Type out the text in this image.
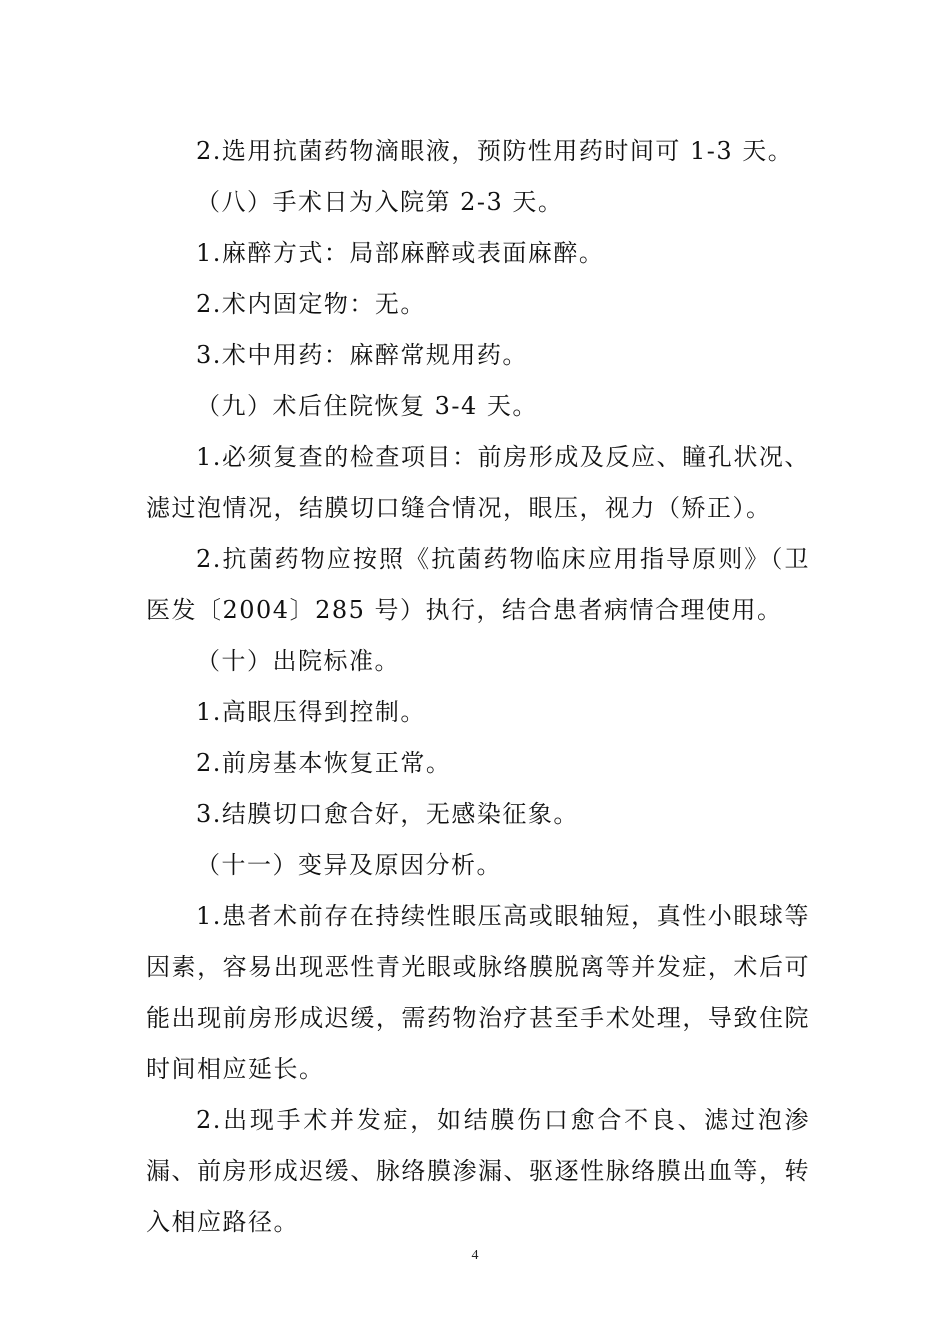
2.选用抗菌药物滴眼液，预防性用药时间可 1-3 天。

（八）手术日为入院第 2-3 天。

1.麻醉方式：局部麻醉或表面麻醉。

2.术内固定物：无。

3.术中用药：麻醉常规用药。

（九）术后住院恢复 3-4 天。

1.必须复查的检查项目：前房形成及反应、瞳孔状况、滤过泡情况，结膜切口缝合情况，眼压，视力（矫正）。

2.抗菌药物应按照《抗菌药物临床应用指导原则》（卫医发〔2004〕285 号）执行，结合患者病情合理使用。

（十）出院标准。

1.高眼压得到控制。

2.前房基本恢复正常。

3.结膜切口愈合好，无感染征象。

（十一）变异及原因分析。

1.患者术前存在持续性眼压高或眼轴短，真性小眼球等因素，容易出现恶性青光眼或脉络膜脱离等并发症，术后可能出现前房形成迟缓，需药物治疗甚至手术处理，导致住院时间相应延长。

2.出现手术并发症，如结膜伤口愈合不良、滤过泡渗漏、前房形成迟缓、脉络膜渗漏、驱逐性脉络膜出血等，转入相应路径。

4
